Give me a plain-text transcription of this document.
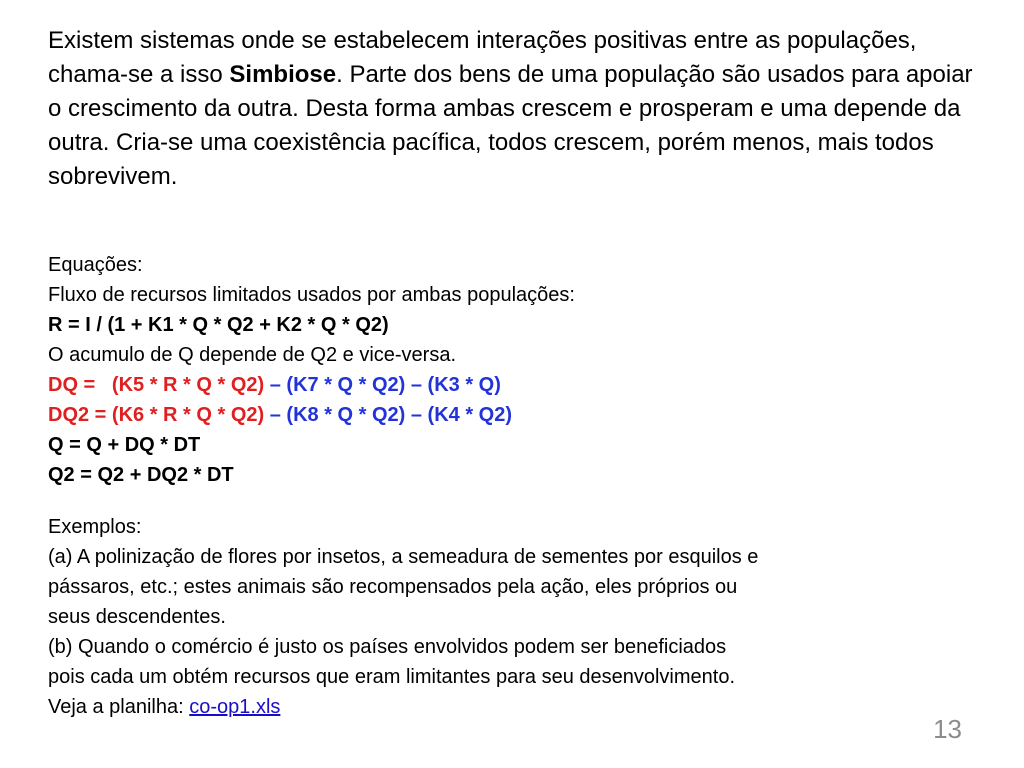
Existem sistemas onde se estabelecem interações positivas entre as populações, chama-se a isso Simbiose. Parte dos bens de uma população são usados para apoiar o crescimento da outra. Desta forma ambas crescem e prosperam e uma depende da outra. Cria-se uma coexistência pacífica, todos crescem, porém menos, mais todos sobrevivem.
Equações:
Fluxo de recursos limitados usados por ambas populações:
R = I / (1 + K1 * Q * Q2 + K2 * Q * Q2)
O acumulo de Q depende de Q2 e vice-versa.
DQ =   (K5 * R * Q * Q2) – (K7 * Q * Q2) – (K3 * Q)
DQ2 = (K6 * R * Q * Q2) – (K8 * Q * Q2) – (K4 * Q2)
Q = Q + DQ * DT
Q2 = Q2 + DQ2 * DT
Exemplos:
(a) A polinização de flores por insetos, a semeadura de sementes por esquilos e
pássaros, etc.; estes animais são recompensados pela ação, eles próprios ou
seus descendentes.
(b) Quando o comércio é justo os países envolvidos podem ser beneficiados
pois cada um obtém recursos que eram limitantes para seu desenvolvimento.
Veja a planilha: co-op1.xls
13
